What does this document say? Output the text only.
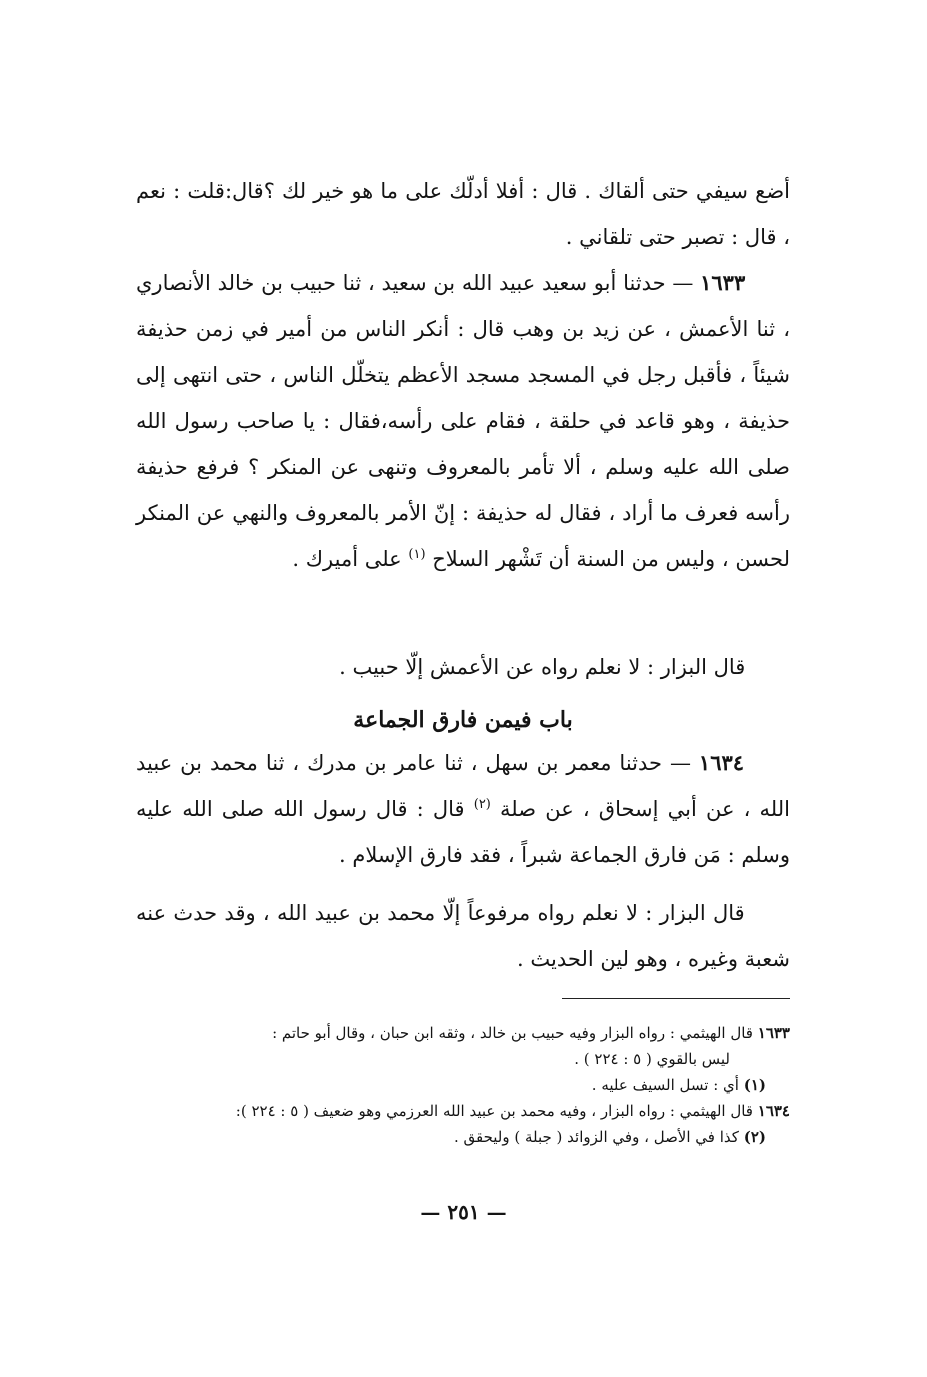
أضع سيفي حتى ألقاك . قال : أفلا أدلّك على ما هو خير لك ؟قال:قلت : نعم ، قال : تصبر حتى تلقاني .

١٦٣٣ — حدثنا أبو سعيد عبيد الله بن سعيد ، ثنا حبيب بن خالد الأنصاري ، ثنا الأعمش ، عن زيد بن وهب قال : أنكر الناس من أمير في زمن حذيفة شيئاً ، فأقبل رجل في المسجد مسجد الأعظم يتخلّل الناس ، حتى انتهى إلى حذيفة ، وهو قاعد في حلقة ، فقام على رأسه،فقال : يا صاحب رسول الله صلى الله عليه وسلم ، ألا تأمر بالمعروف وتنهى عن المنكر ؟ فرفع حذيفة رأسه فعرف ما أراد ، فقال له حذيفة : إنّ الأمر بالمعروف والنهي عن المنكر لحسن ، وليس من السنة أن تَشْهر السلاح $^{(١)}$ على أميرك .

قال البزار : لا نعلم رواه عن الأعمش إلّا حبيب .

باب فيمن فارق الجماعة

١٦٣٤ — حدثنا معمر بن سهل ، ثنا عامر بن مدرك ، ثنا محمد بن عبيد الله ، عن أبي إسحاق ، عن صلة $^{(٢)}$ قال : قال رسول الله صلى الله عليه وسلم : مَن فارق الجماعة شبراً ، فقد فارق الإسلام .

قال البزار : لا نعلم رواه مرفوعاً إلّا محمد بن عبيد الله ، وقد حدث عنه شعبة وغيره ، وهو لين الحديث .

١٦٣٣ قال الهيثمي : رواه البزار وفيه حبيب بن خالد ، وثقه ابن حبان ، وقال أبو حاتم :
ليس بالقوي ( ٥ : ٢٢٤ ) .
(١) أي : تسل السيف عليه .
١٦٣٤ قال الهيثمي : رواه البزار ، وفيه محمد بن عبيد الله العرزمي وهو ضعيف ( ٥ : ٢٢٤ ):
(٢) كذا في الأصل ، وفي الزوائد ( جبلة ) وليحقق .
— ٢٥١ —
